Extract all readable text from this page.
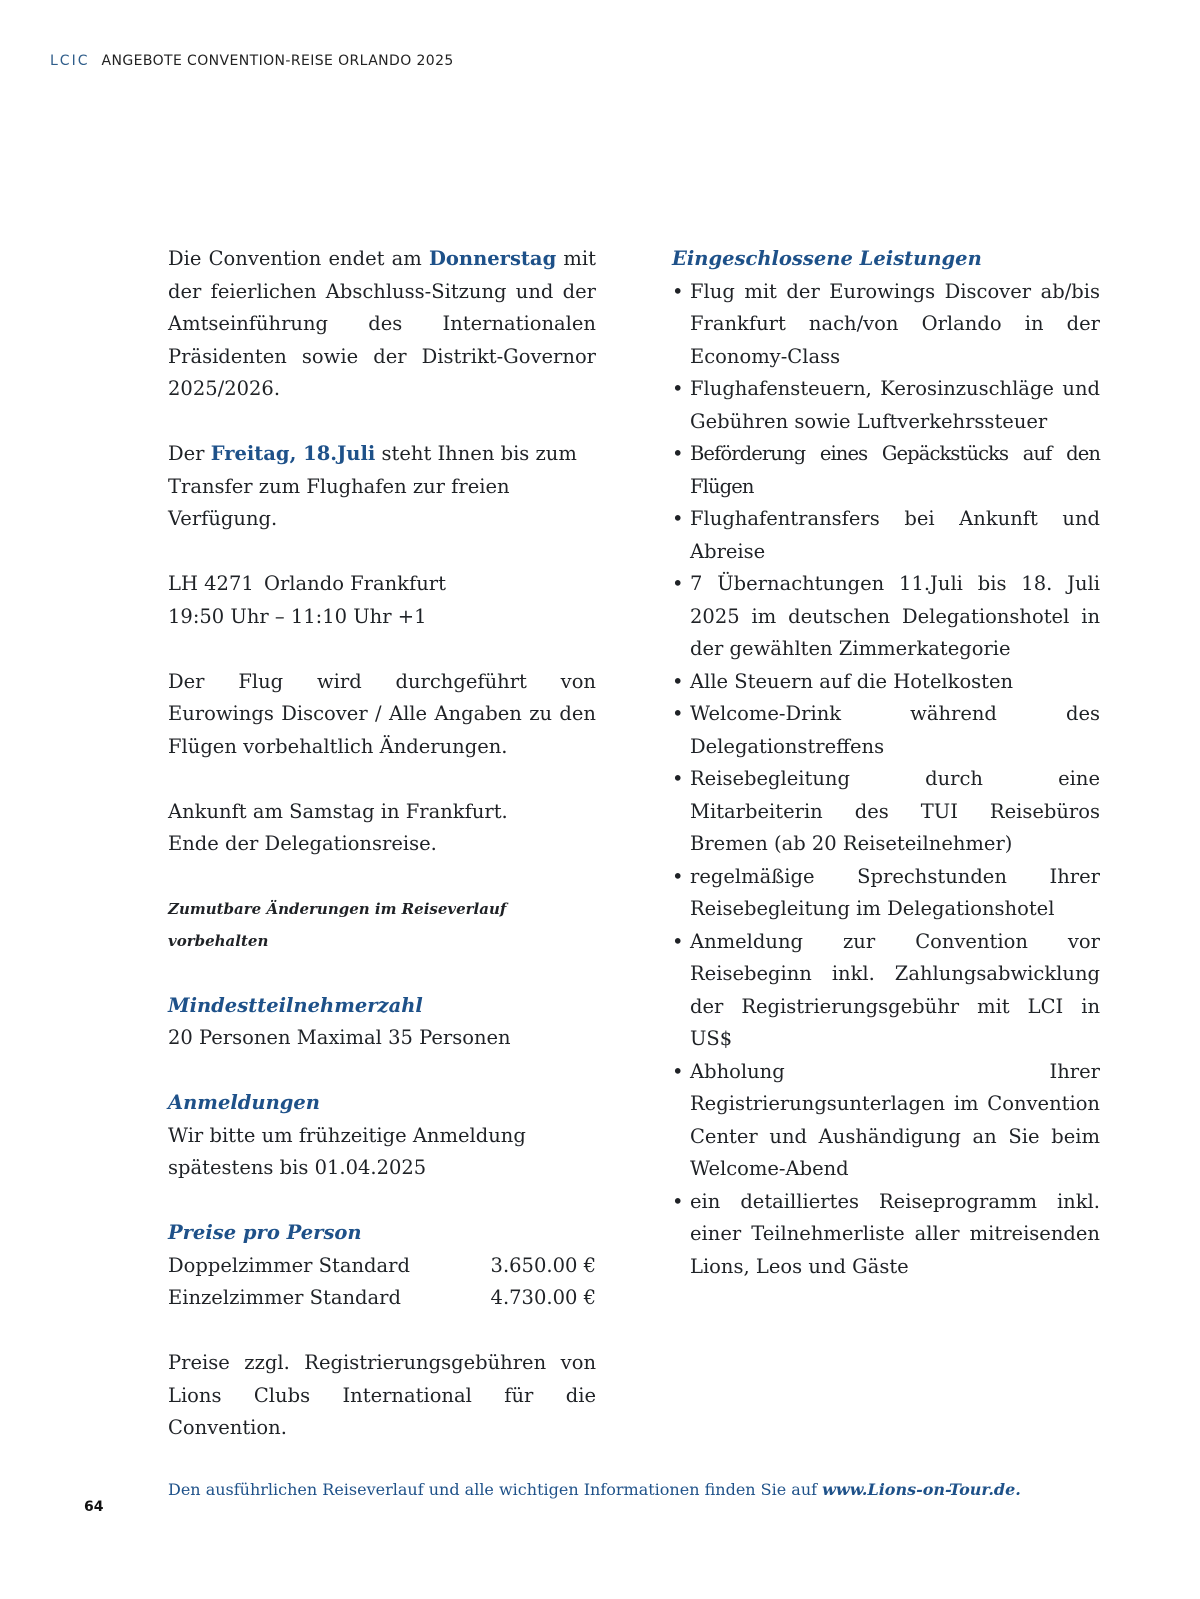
LCIC ANGEBOTE CONVENTION-REISE ORLANDO 2025

Die Convention endet am Donnerstag mit der feierlichen Abschluss-Sitzung und der Amtseinführung des Internationalen Präsidenten sowie der Distrikt-Governor 2025/2026.

Der Freitag, 18.Juli steht Ihnen bis zum Transfer zum Flughafen zur freien Verfügung.

LH 4271 Orlando Frankfurt

19:50 Uhr – 11:10 Uhr +1

Der Flug wird durchgeführt von Eurowings Discover / Alle Angaben zu den Flügen vorbehaltlich Änderungen.

Ankunft am Samstag in Frankfurt.

Ende der Delegationsreise.

Zumutbare Änderungen im Reiseverlauf vorbehalten

Mindestteilnehmerzahl

20 Personen Maximal 35 Personen

Anmeldungen

Wir bitte um frühzeitige Anmeldung

spätestens bis 01.04.2025

Preise pro Person

Doppelzimmer Standard	3.650.00 €
Einzelzimmer Standard	4.730.00 €

Preise zzgl. Registrierungsgebühren von Lions Clubs International für die Convention.

Eingeschlossene Leistungen

• Flug mit der Eurowings Discover ab/bis Frankfurt nach/von Orlando in der Economy-Class
• Flughafensteuern, Kerosinzuschläge und Gebühren sowie Luftverkehrssteuer
• Beförderung eines Gepäckstücks auf den Flügen
• Flughafentransfers bei Ankunft und Abreise
• 7 Übernachtungen 11.Juli bis 18. Juli 2025 im deutschen Delegationshotel in der gewählten Zimmerkategorie
• Alle Steuern auf die Hotelkosten
• Welcome-Drink während des Delegationstreffens
• Reisebegleitung durch eine Mitarbeiterin des TUI Reisebüros Bremen (ab 20 Reiseteilnehmer)
• regelmäßige Sprechstunden Ihrer Reisebegleitung im Delegationshotel
• Anmeldung zur Convention vor Reisebeginn inkl. Zahlungsabwicklung der Registrierungsgebühr mit LCI in US$
• Abholung Ihrer Registrierungsunterlagen im Convention Center und Aushändigung an Sie beim Welcome-Abend
• ein detailliertes Reiseprogramm inkl. einer Teilnehmerliste aller mitreisenden Lions, Leos und Gäste
Den ausführlichen Reiseverlauf und alle wichtigen Informationen finden Sie auf www.Lions-on-Tour.de.
64
